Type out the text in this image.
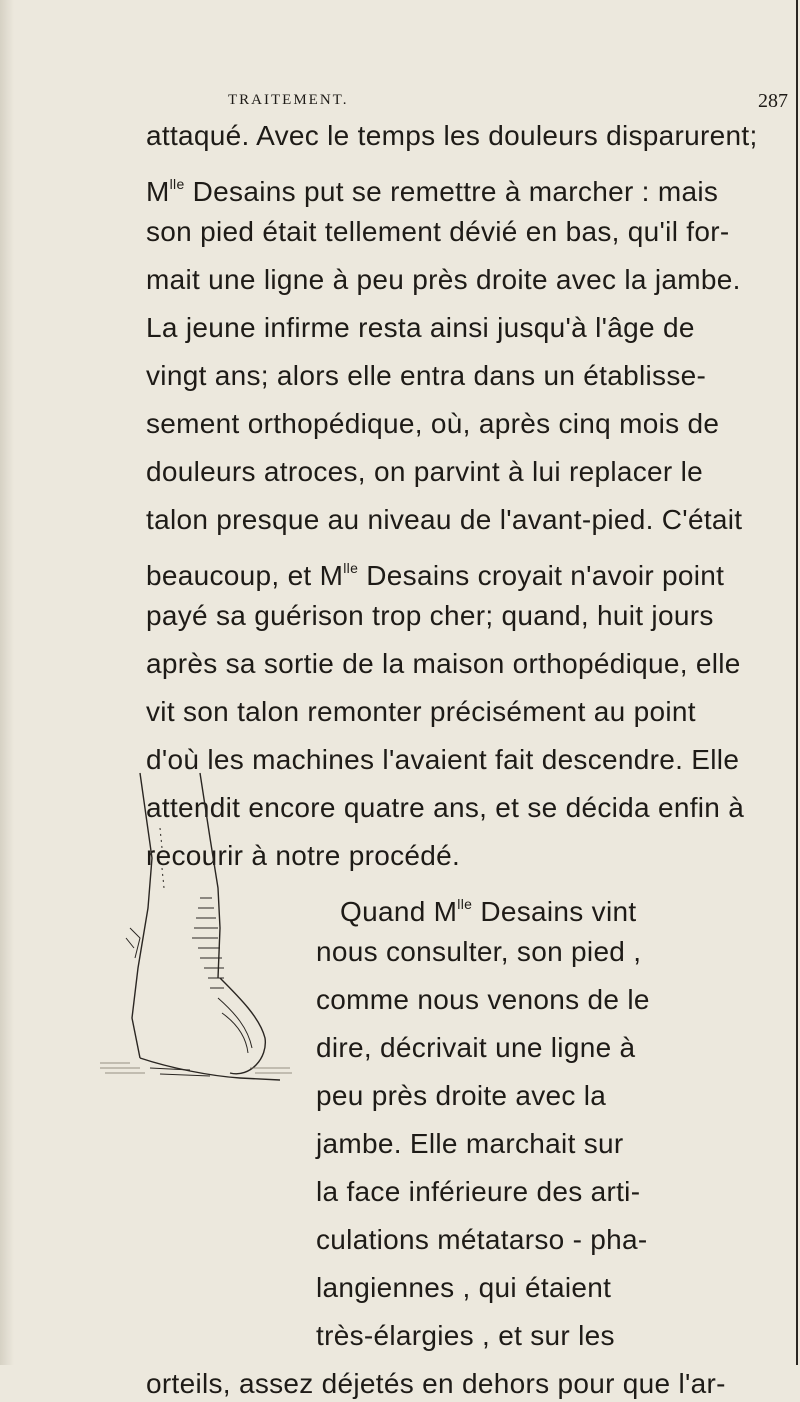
TRAITEMENT.	287
attaqué. Avec le temps les douleurs disparurent;
$M^{lle}$ Desains put se remettre à marcher : mais
son pied était tellement dévié en bas, qu'il for-
mait une ligne à peu près droite avec la jambe.
La jeune infirme resta ainsi jusqu'à l'âge de
vingt ans; alors elle entra dans un établisse-
sement orthopédique, où, après cinq mois de
douleurs atroces, on parvint à lui replacer le
talon presque au niveau de l'avant-pied. C'était
beaucoup, et $M^{lle}$ Desains croyait n'avoir point
payé sa guérison trop cher; quand, huit jours
après sa sortie de la maison orthopédique, elle
vit son talon remonter précisément au point
d'où les machines l'avaient fait descendre. Elle
attendit encore quatre ans, et se décida enfin à
recourir à notre procédé.
Quand $M^{lle}$ Desains vint
nous consulter, son pied ,
comme nous venons de le
dire, décrivait une ligne à
peu près droite avec la
jambe. Elle marchait sur
la face inférieure des arti-
culations métatarso - pha-
langiennes , qui étaient
très-élargies , et sur les
orteils, assez déjetés en dehors pour que l'ar-
